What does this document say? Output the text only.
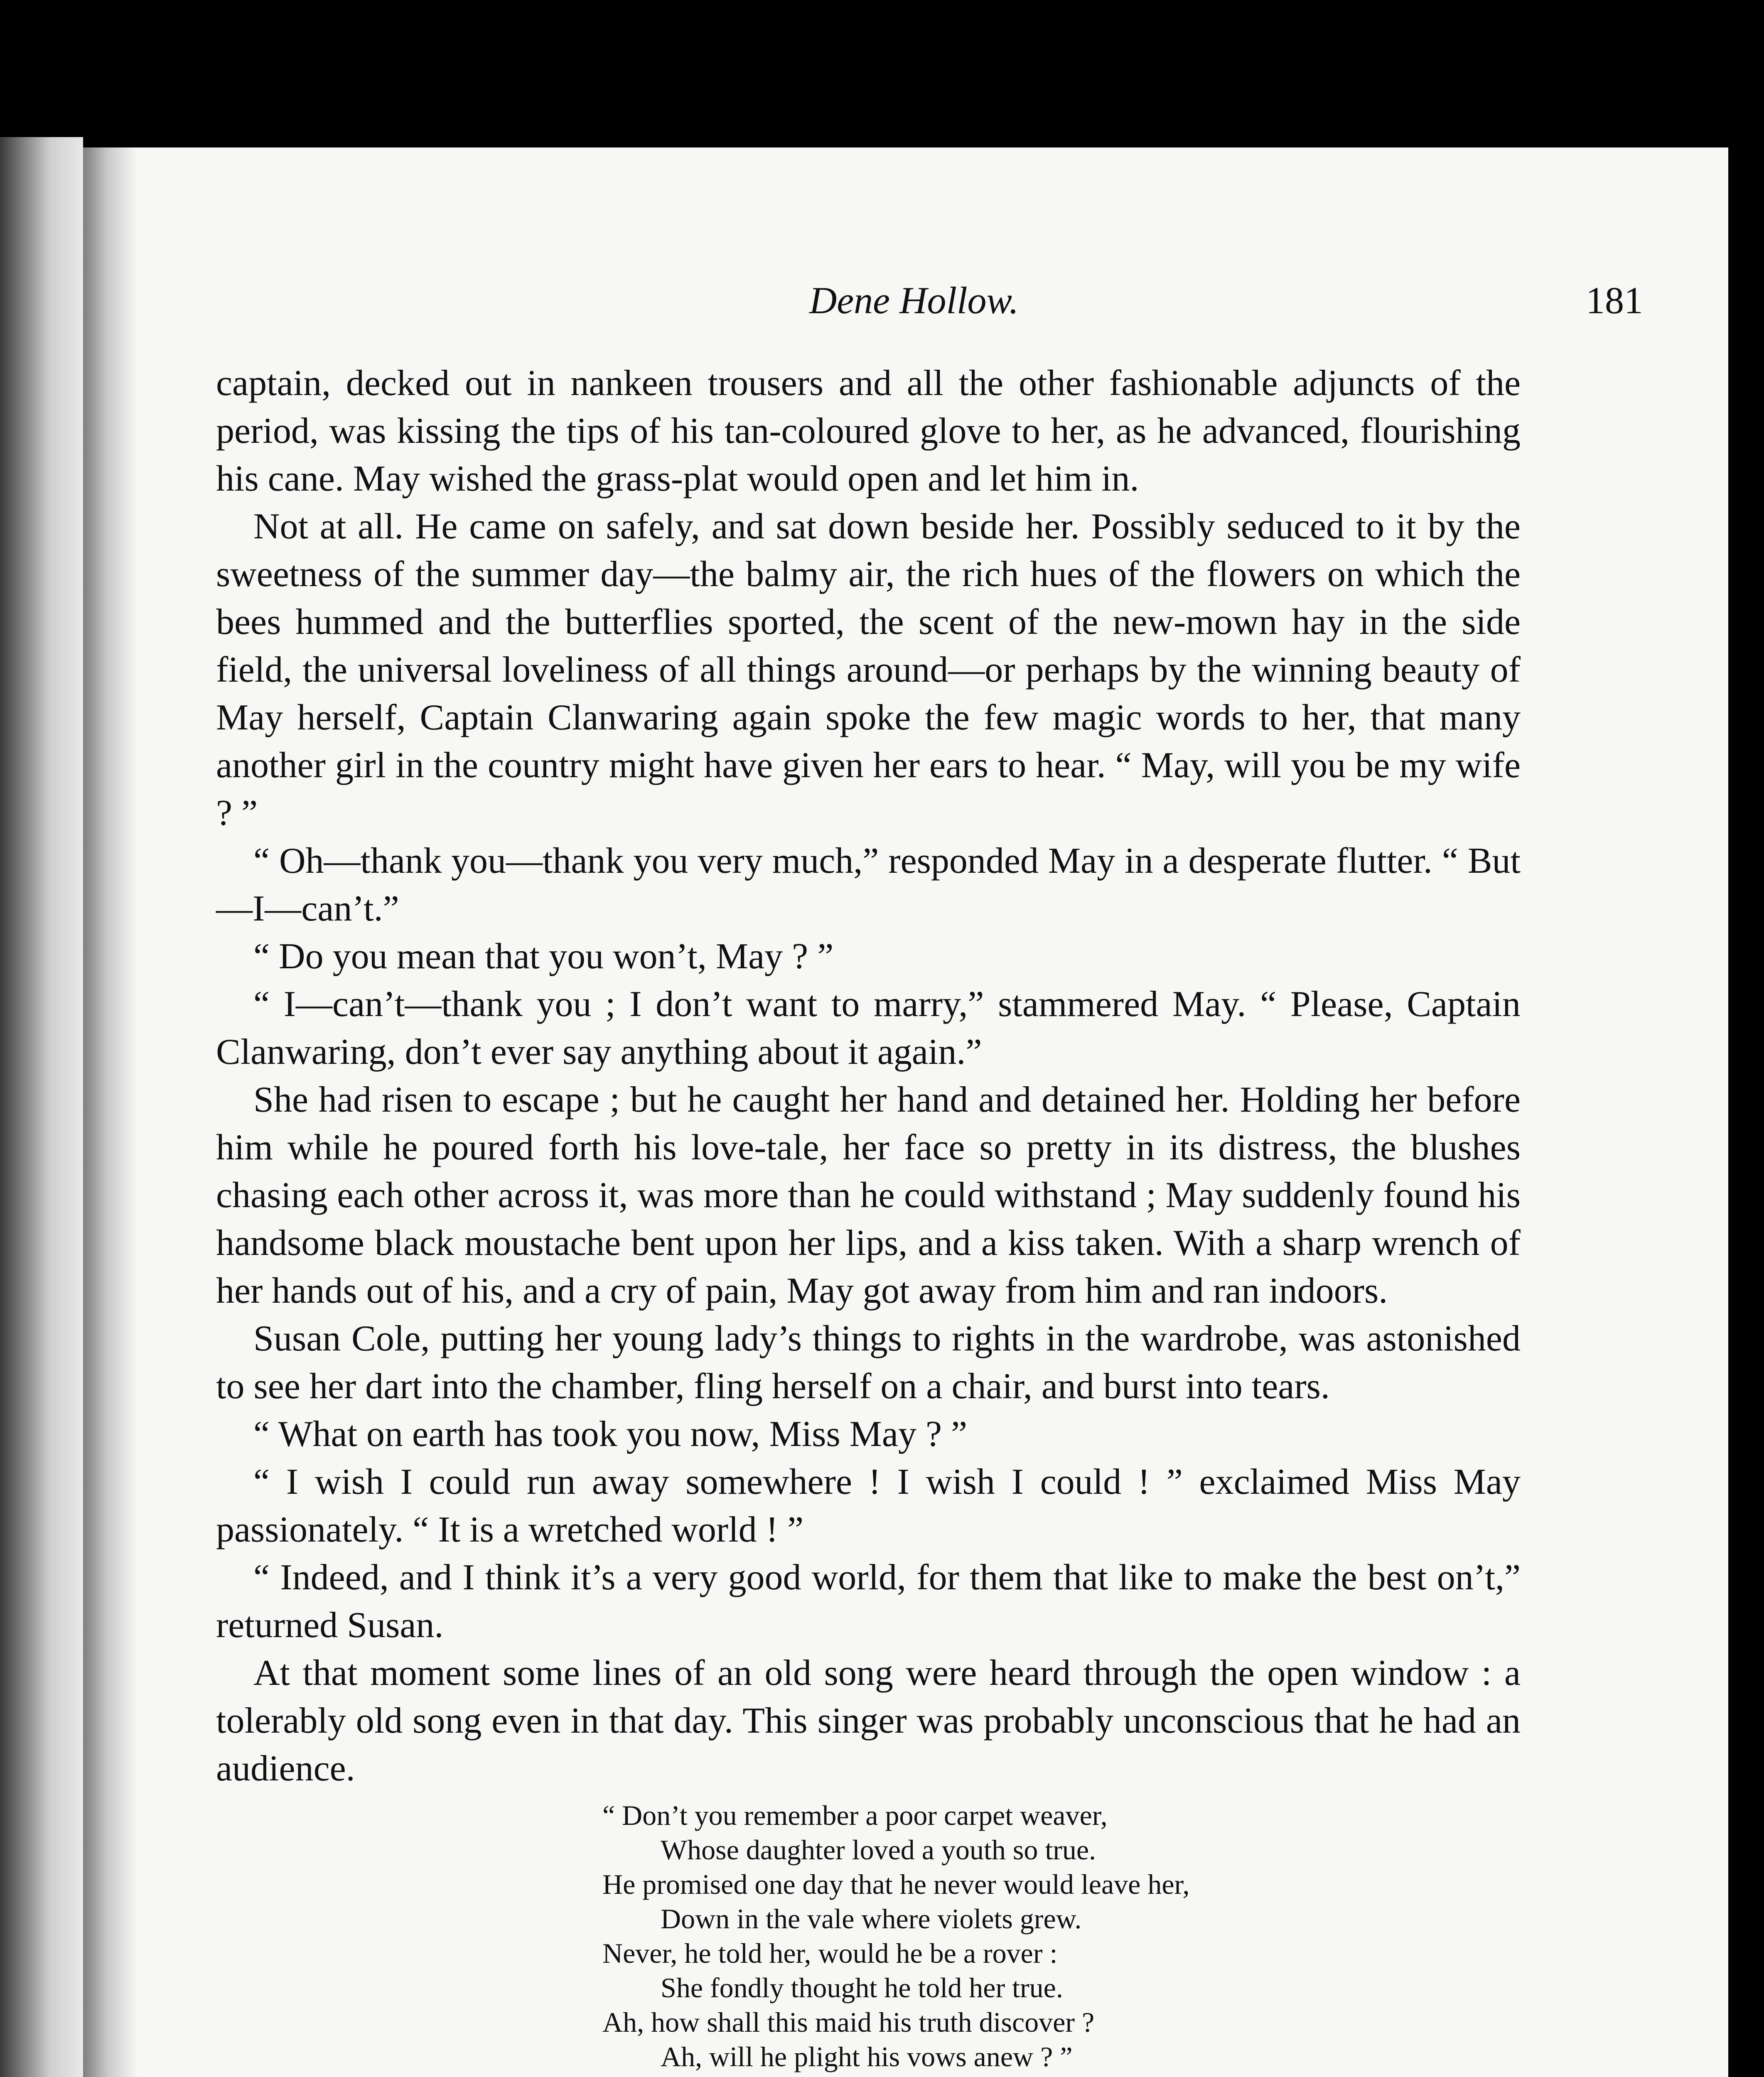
Dene Hollow.	181

captain, decked out in nankeen trousers and all the other fashionable adjuncts of the period, was kissing the tips of his tan-coloured glove to her, as he advanced, flourishing his cane. May wished the grass-plat would open and let him in.

Not at all. He came on safely, and sat down beside her. Possibly seduced to it by the sweetness of the summer day—the balmy air, the rich hues of the flowers on which the bees hummed and the butterflies sported, the scent of the new-mown hay in the side field, the universal loveliness of all things around—or perhaps by the winning beauty of May herself, Captain Clanwaring again spoke the few magic words to her, that many another girl in the country might have given her ears to hear. “ May, will you be my wife ? ”

“ Oh—thank you—thank you very much,” responded May in a desperate flutter. “ But—I—can’t.”

“ Do you mean that you won’t, May ? ”

“ I—can’t—thank you ; I don’t want to marry,” stammered May. “ Please, Captain Clanwaring, don’t ever say anything about it again.”

She had risen to escape ; but he caught her hand and detained her. Holding her before him while he poured forth his love-tale, her face so pretty in its distress, the blushes chasing each other across it, was more than he could withstand ; May suddenly found his handsome black moustache bent upon her lips, and a kiss taken. With a sharp wrench of her hands out of his, and a cry of pain, May got away from him and ran indoors.

Susan Cole, putting her young lady’s things to rights in the wardrobe, was astonished to see her dart into the chamber, fling herself on a chair, and burst into tears.

“ What on earth has took you now, Miss May ? ”

“ I wish I could run away somewhere ! I wish I could ! ” exclaimed Miss May passionately. “ It is a wretched world ! ”

“ Indeed, and I think it’s a very good world, for them that like to make the best on’t,” returned Susan.

At that moment some lines of an old song were heard through the open window : a tolerably old song even in that day. This singer was probably unconscious that he had an audience.

“ Don’t you remember a poor carpet weaver,
Whose daughter loved a youth so true.
He promised one day that he never would leave her,
Down in the vale where violets grew.
Never, he told her, would he be a rover :
She fondly thought he told her true.
Ah, how shall this maid his truth discover ?
Ah, will he plight his vows anew ? ”
